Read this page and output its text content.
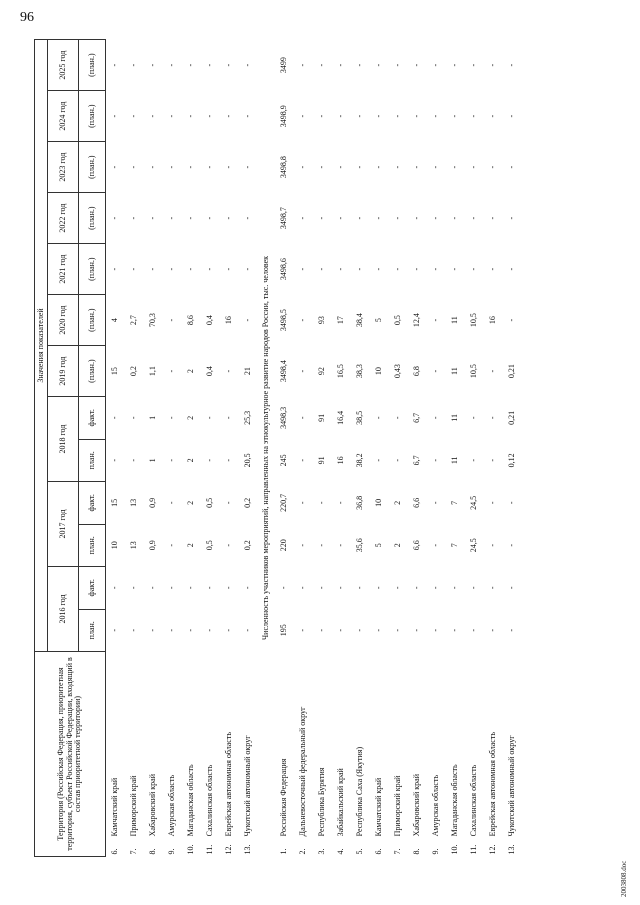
96
2003808.doc
Территория (Российская Федерация, приоритетная территория, субъект Российской Федерации, входящий в состав приоритетной территории)		Значения показателей												
		2016 год		2017 год		2018 год		2019 год	2020 год	2021 год	2022 год	2023 год	2024 год	2025 год
		план.	факт.	план.	факт.	план.	факт.	(план.)	(план.)	(план.)	(план.)	(план.)	(план.)	(план.)
6.	Камчатский край	-	-	10	15	-	-	15	4	-	-	-	-	-
7.	Приморский край	-	-	13	13	-	-	0,2	2,7	-	-	-	-	-
8.	Хабаровский край	-	-	0,9	0,9	1	1	1,1	70,3	-	-	-	-	-
9.	Амурская область	-	-	-	-	-	-	-	-	-	-	-	-	-
10.	Магаданская область	-	-	2	2	2	2	2	8,6	-	-	-	-	-
11.	Сахалинская область	-	-	0,5	0,5	-	-	0,4	0,4	-	-	-	-	-
12.	Еврейская автономная область	-	-	-	-	-	-	-	16	-	-	-	-	-
13.	Чукотский автономный округ	-	-	0,2	0,2	20,5	25,3	21	-	-	-	-	-	-
Численность участников мероприятий, направленных на этнокультурное развитие народов России, тыс. человек														
1.	Российская Федерация	195	-	220	220,7	245	3498,3	3498,4	3498,5	3498,6	3498,7	3498,8	3498,9	3499
2.	Дальневосточный федеральный округ	-	-	-	-	-	-	-	-	-	-	-	-	-
3.	Республика Бурятия	-	-	-	-	91	91	92	93	-	-	-	-	-
4.	Забайкальский край	-	-	-	-	16	16,4	16,5	17	-	-	-	-	-
5.	Республика Саха (Якутия)	-	-	35,6	36,8	38,2	38,5	38,3	38,4	-	-	-	-	-
6.	Камчатский край	-	-	5	10	-	-	10	5	-	-	-	-	-
7.	Приморский край	-	-	2	2	-	-	0,43	0,5	-	-	-	-	-
8.	Хабаровский край	-	-	6,6	6,6	6,7	6,7	6,8	12,4	-	-	-	-	-
9.	Амурская область	-	-	-	-	-	-	-	-	-	-	-	-	-
10.	Магаданская область	-	-	7	7	11	11	11	11	-	-	-	-	-
11.	Сахалинская область	-	-	24,5	24,5	-	-	10,5	10,5	-	-	-	-	-
12.	Еврейская автономная область	-	-	-	-	-	-	-	16	-	-	-	-	-
13.	Чукотский автономный округ	-	-	-	-	0,12	0,21	0,21	-	-	-	-	-	-
